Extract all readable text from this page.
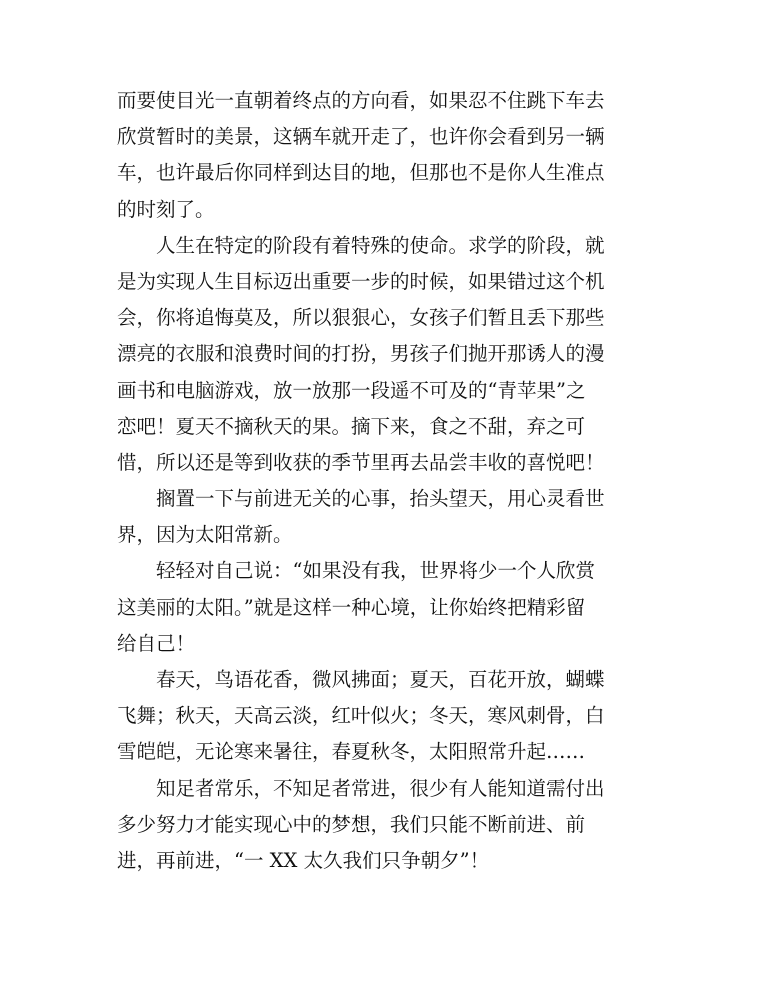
而要使目光一直朝着终点的方向看，如果忍不住跳下车去
欣赏暂时的美景，这辆车就开走了，也许你会看到另一辆
车，也许最后你同样到达目的地，但那也不是你人生准点
的时刻了。
人生在特定的阶段有着特殊的使命。求学的阶段，就
是为实现人生目标迈出重要一步的时候，如果错过这个机
会，你将追悔莫及，所以狠狠心，女孩子们暂且丢下那些
漂亮的衣服和浪费时间的打扮，男孩子们抛开那诱人的漫
画书和电脑游戏，放一放那一段遥不可及的“青苹果”之
恋吧！夏天不摘秋天的果。摘下来，食之不甜，弃之可
惜，所以还是等到收获的季节里再去品尝丰收的喜悦吧！
搁置一下与前进无关的心事，抬头望天，用心灵看世
界，因为太阳常新。
轻轻对自己说：“如果没有我，世界将少一个人欣赏
这美丽的太阳。”就是这样一种心境，让你始终把精彩留
给自己！
春天，鸟语花香，微风拂面；夏天，百花开放，蝴蝶
飞舞；秋天，天高云淡，红叶似火；冬天，寒风刺骨，白
雪皑皑，无论寒来暑往，春夏秋冬，太阳照常升起……
知足者常乐，不知足者常进，很少有人能知道需付出
多少努力才能实现心中的梦想，我们只能不断前进、前
进，再前进，“一 XX 太久我们只争朝夕”！
